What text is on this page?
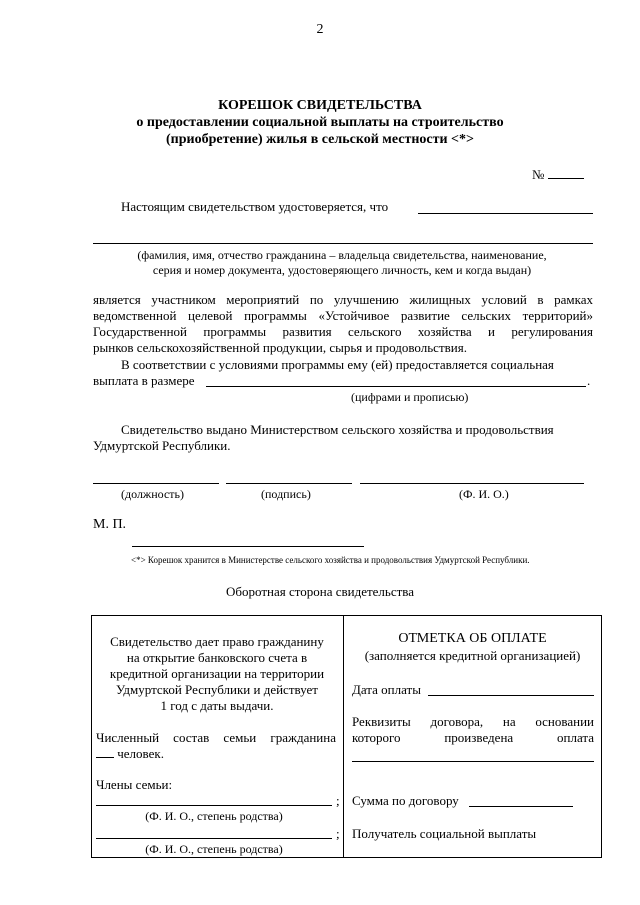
2
КОРЕШОК СВИДЕТЕЛЬСТВА
о предоставлении социальной выплаты на строительство
(приобретение) жилья в сельской местности <*>
№
Настоящим свидетельством удостоверяется, что
(фамилия, имя, отчество гражданина – владельца свидетельства, наименование,
серия и номер документа, удостоверяющего личность, кем и когда выдан)
является участником мероприятий по улучшению жилищных условий в рамках
ведомственной целевой программы «Устойчивое развитие сельских территорий»
Государственной программы развития сельского хозяйства и регулирования
рынков сельскохозяйственной продукции, сырья и продовольствия.
В соответствии с условиями программы ему (ей) предоставляется социальная
выплата в размере	.
(цифрами и прописью)
Свидетельство выдано Министерством сельского хозяйства и продовольствия
Удмуртской Республики.
(должность)	(подпись)	(Ф. И. О.)
М. П.
<*> Корешок хранится в Министерстве сельского хозяйства и продовольствия Удмуртской Республики.
Оборотная сторона свидетельства
Свидетельство дает право гражданину
на открытие банковского счета в
кредитной организации на территории
Удмуртской Республики и действует
1 год с даты выдачи.
Численный состав семьи гражданина
человек.
Члены семьи:
;
(Ф. И. О., степень родства)
;
(Ф. И. О., степень родства)
ОТМЕТКА ОБ ОПЛАТЕ
(заполняется кредитной организацией)
Дата оплаты
Реквизиты договора, на основании
которого произведена оплата
Сумма по договору
Получатель социальной выплаты
